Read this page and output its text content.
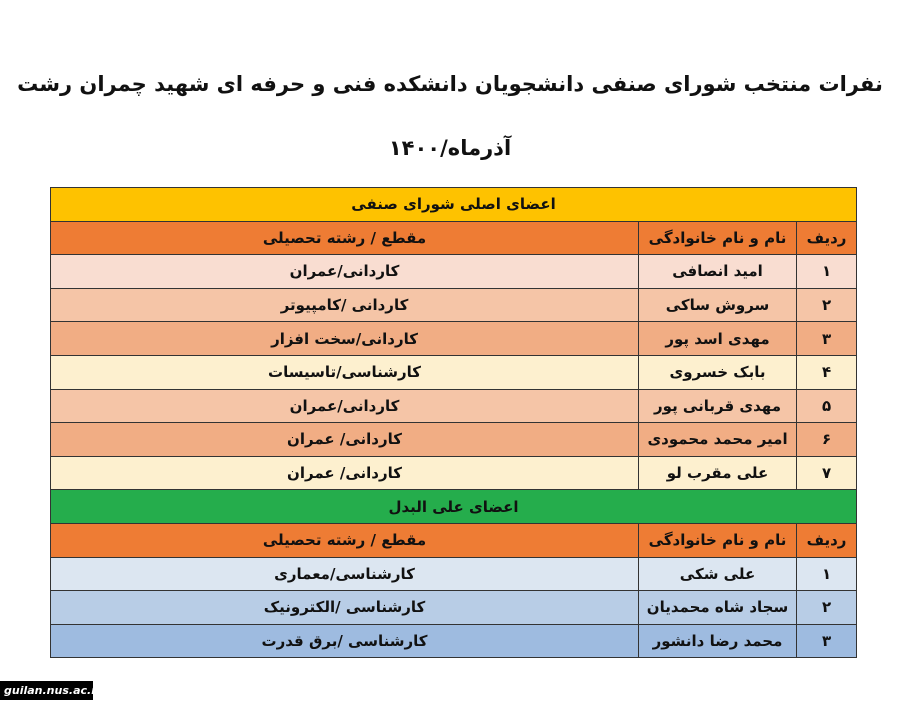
نفرات منتخب شورای صنفی دانشجویان دانشکده فنی و حرفه ای شهید چمران رشت
آذرماه/۱۴۰۰
اعضای اصلی شورای صنفی		
ردیف	نام و نام خانوادگی	مقطع / رشته تحصیلی
۱	امید انصافی	کاردانی/عمران
۲	سروش ساکی	کاردانی /کامپیوتر
۳	مهدی اسد پور	کاردانی/سخت افزار
۴	بابک خسروی	کارشناسی/تاسیسات
۵	مهدی قربانی پور	کاردانی/عمران
۶	امیر محمد محمودی	کاردانی/ عمران
۷	علی مقرب لو	کاردانی/ عمران
اعضای علی البدل		
ردیف	نام و نام خانوادگی	مقطع / رشته تحصیلی
۱	علی شکی	کارشناسی/معماری
۲	سجاد شاه محمدیان	کارشناسی /الکترونیک
۳	محمد رضا دانشور	کارشناسی /برق قدرت
guilan.nus.ac.ir
